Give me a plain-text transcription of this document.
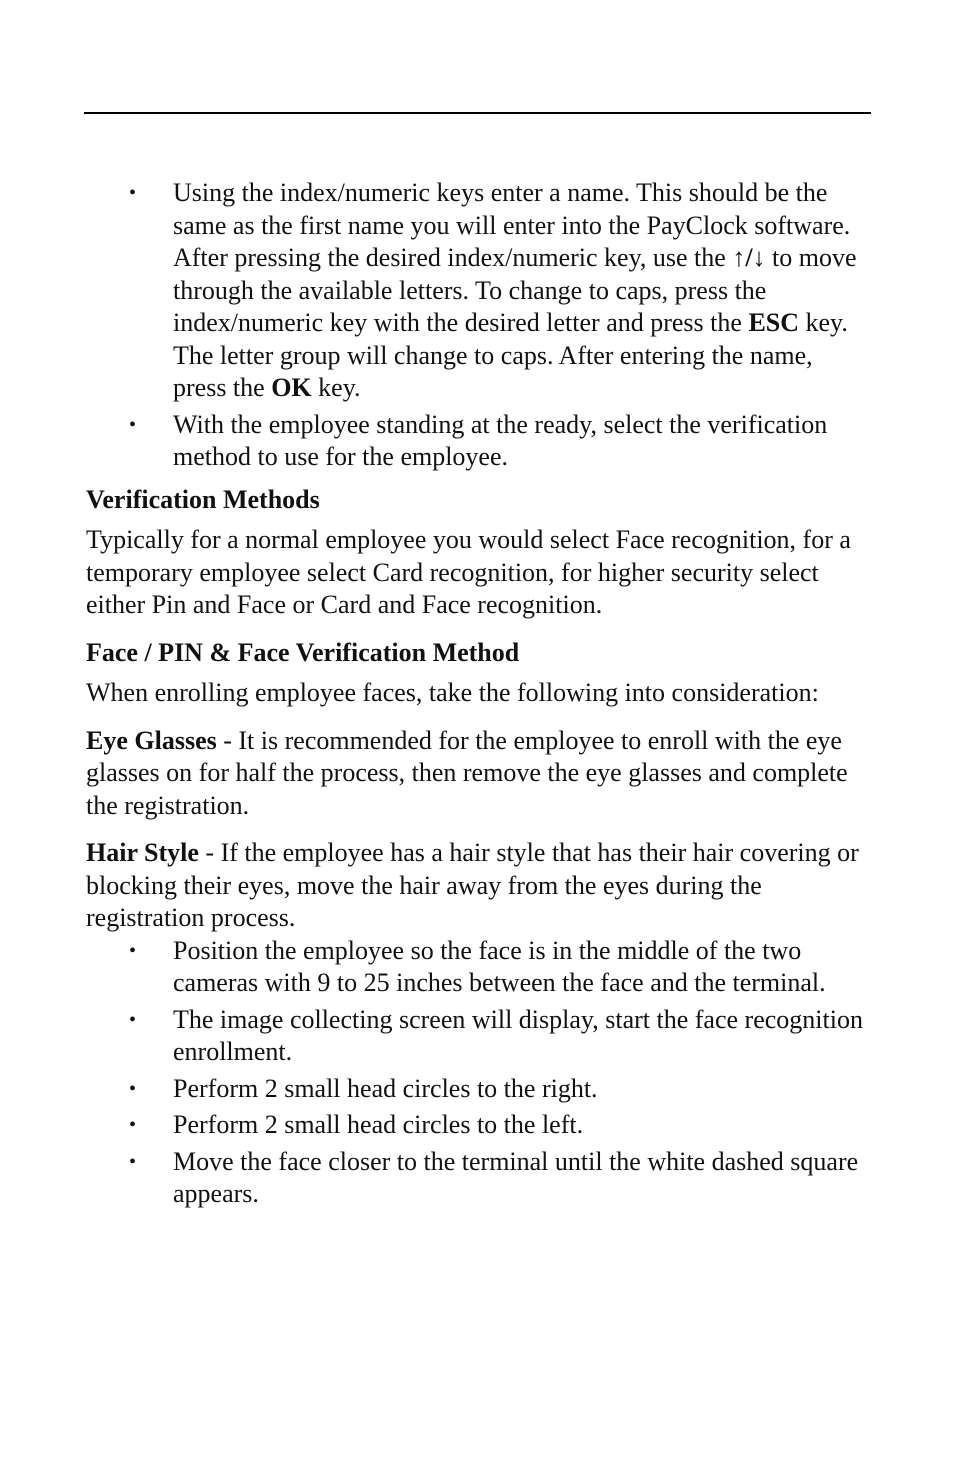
• Using the index/numeric keys enter a name. This should be the same as the first name you will enter into the PayClock software. After pressing the desired index/numeric key, use the ↑/↓ to move through the available letters. To change to caps, press the index/numeric key with the desired letter and press the ESC key. The letter group will change to caps. After entering the name, press the OK key.
• With the employee standing at the ready, select the verification method to use for the employee.

Verification Methods

Typically for a normal employee you would select Face recognition, for a temporary employee select Card recognition, for higher security select either Pin and Face or Card and Face recognition.

Face / PIN & Face Verification Method

When enrolling employee faces, take the following into consideration:

Eye Glasses - It is recommended for the employee to enroll with the eye glasses on for half the process, then remove the eye glasses and complete the registration.

Hair Style - If the employee has a hair style that has their hair covering or blocking their eyes, move the hair away from the eyes during the registration process.

• Position the employee so the face is in the middle of the two cameras with 9 to 25 inches between the face and the terminal.
• The image collecting screen will display, start the face recognition enrollment.
• Perform 2 small head circles to the right.
• Perform 2 small head circles to the left.
• Move the face closer to the terminal until the white dashed square appears.
